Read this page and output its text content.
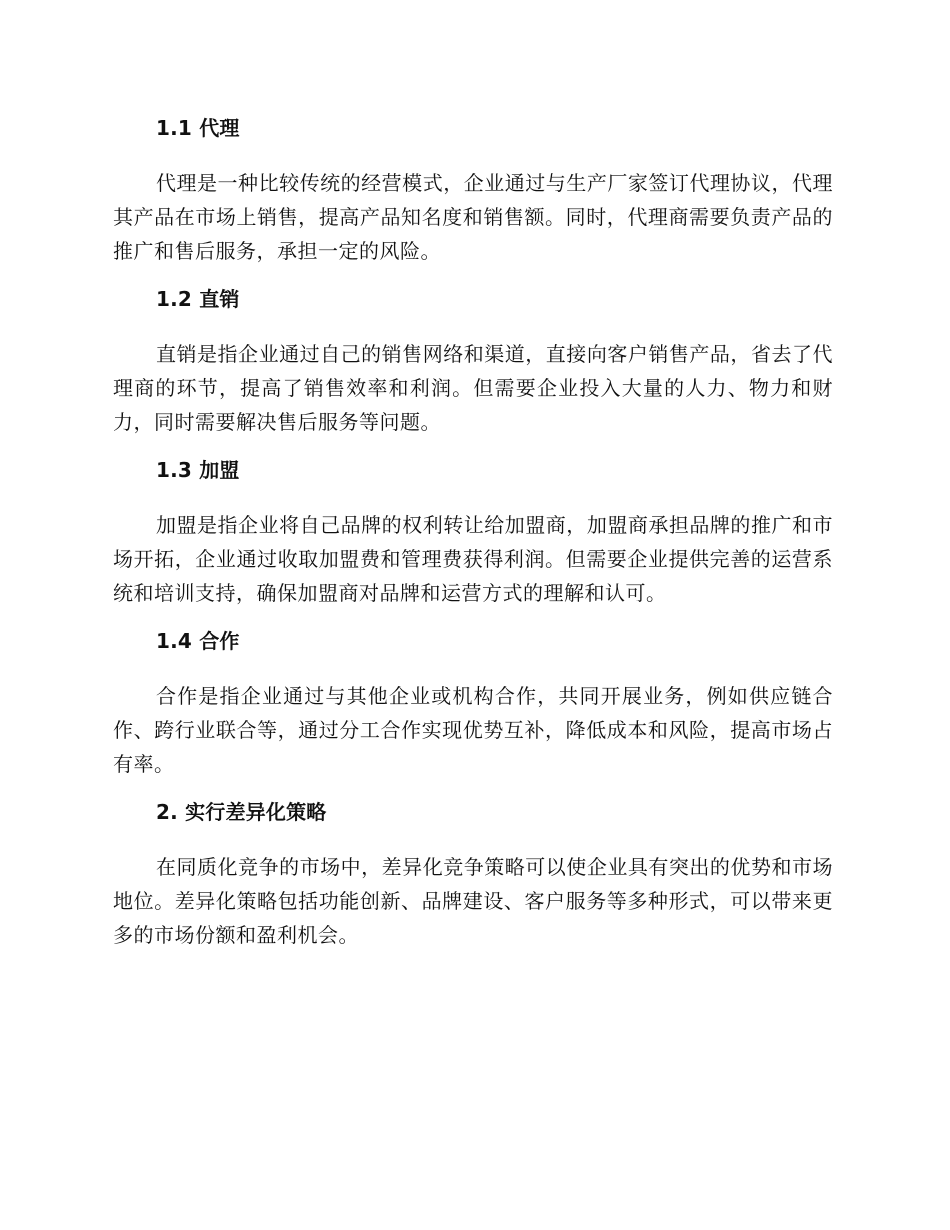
1.1 代理

代理是一种比较传统的经营模式，企业通过与生产厂家签订代理协议，代理其产品在市场上销售，提高产品知名度和销售额。同时，代理商需要负责产品的推广和售后服务，承担一定的风险。

1.2 直销

直销是指企业通过自己的销售网络和渠道，直接向客户销售产品，省去了代理商的环节，提高了销售效率和利润。但需要企业投入大量的人力、物力和财力，同时需要解决售后服务等问题。

1.3 加盟

加盟是指企业将自己品牌的权利转让给加盟商，加盟商承担品牌的推广和市场开拓，企业通过收取加盟费和管理费获得利润。但需要企业提供完善的运营系统和培训支持，确保加盟商对品牌和运营方式的理解和认可。

1.4 合作

合作是指企业通过与其他企业或机构合作，共同开展业务，例如供应链合作、跨行业联合等，通过分工合作实现优势互补，降低成本和风险，提高市场占有率。

2. 实行差异化策略

在同质化竞争的市场中，差异化竞争策略可以使企业具有突出的优势和市场地位。差异化策略包括功能创新、品牌建设、客户服务等多种形式，可以带来更多的市场份额和盈利机会。
